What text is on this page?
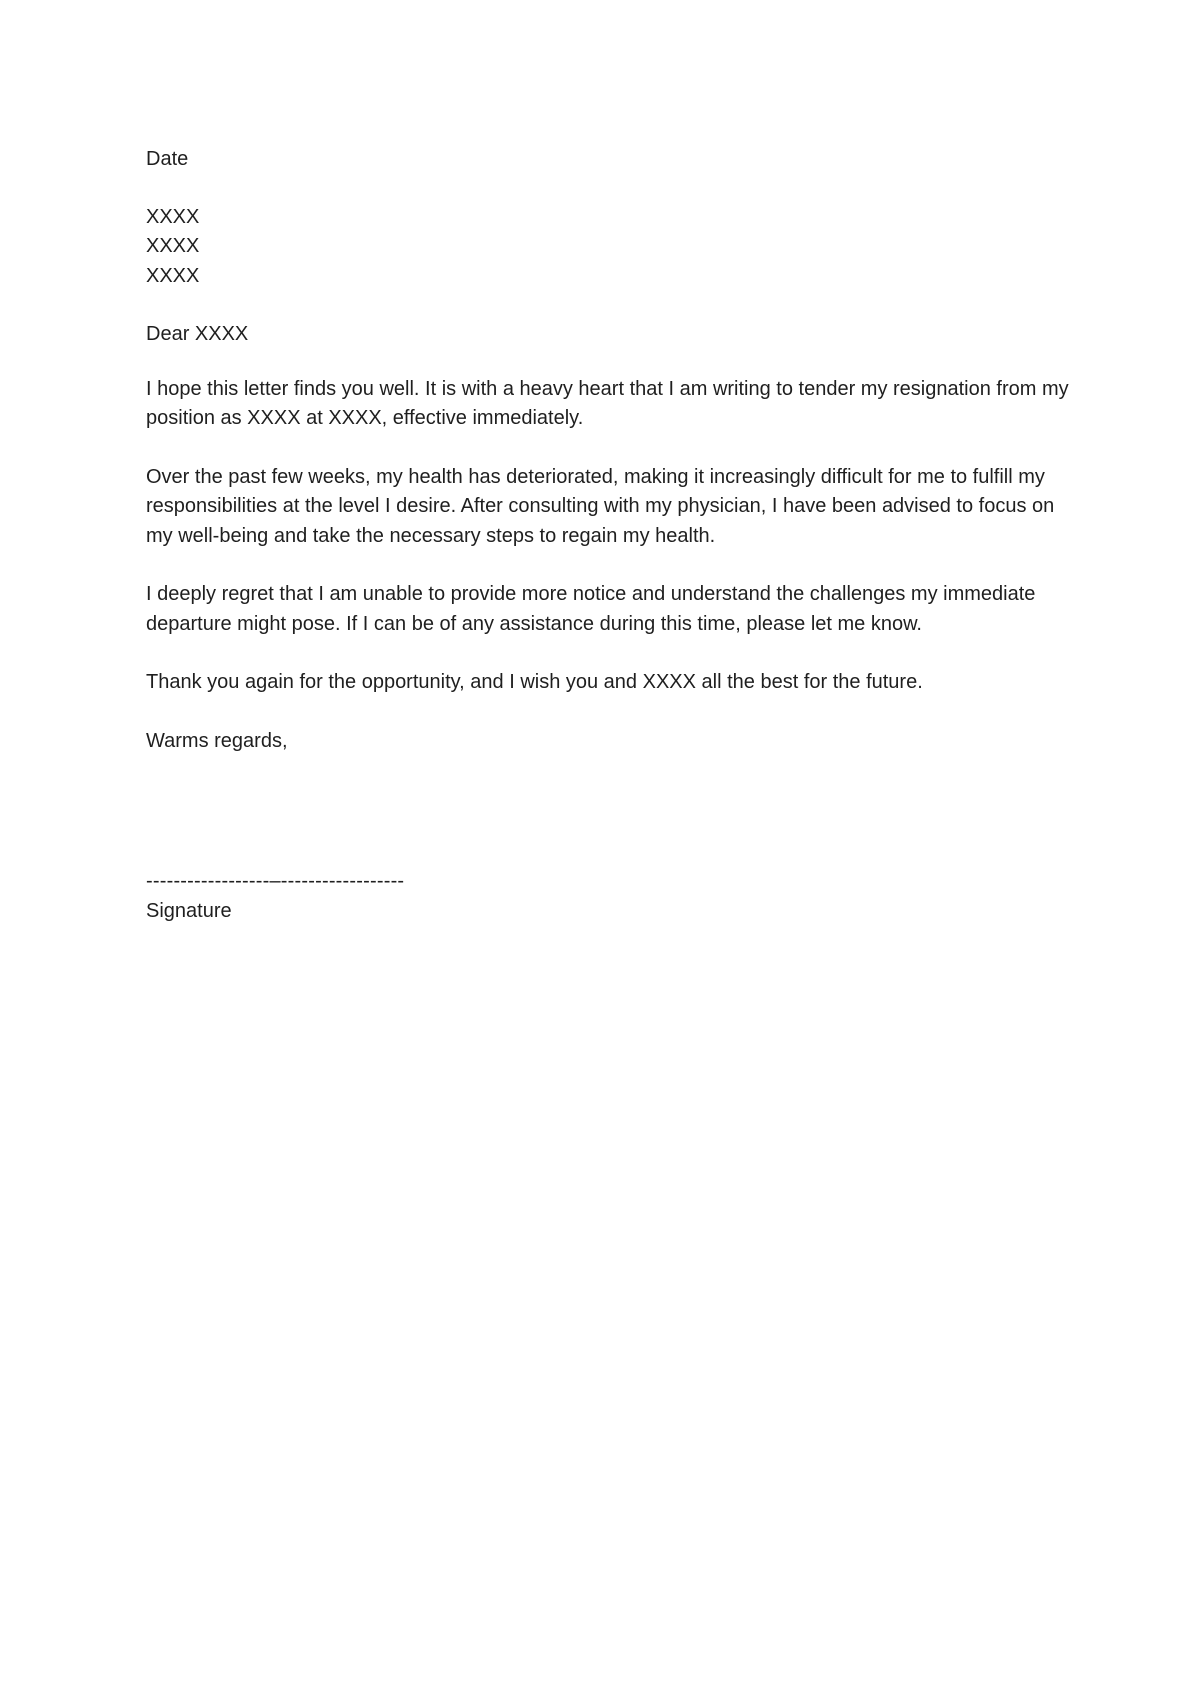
Date

XXXX
XXXX
XXXX

Dear XXXX

I hope this letter finds you well. It is with a heavy heart that I am writing to tender my resignation from my position as XXXX at XXXX, effective immediately.

Over the past few weeks, my health has deteriorated, making it increasingly difficult for me to fulfill my responsibilities at the level I desire. After consulting with my physician, I have been advised to focus on my well-being and take the necessary steps to regain my health.

I deeply regret that I am unable to provide more notice and understand the challenges my immediate departure might pose. If I can be of any assistance during this time, please let me know.

Thank you again for the opportunity, and I wish you and XXXX all the best for the future.

Warms regards,

------------------–------------------
Signature
